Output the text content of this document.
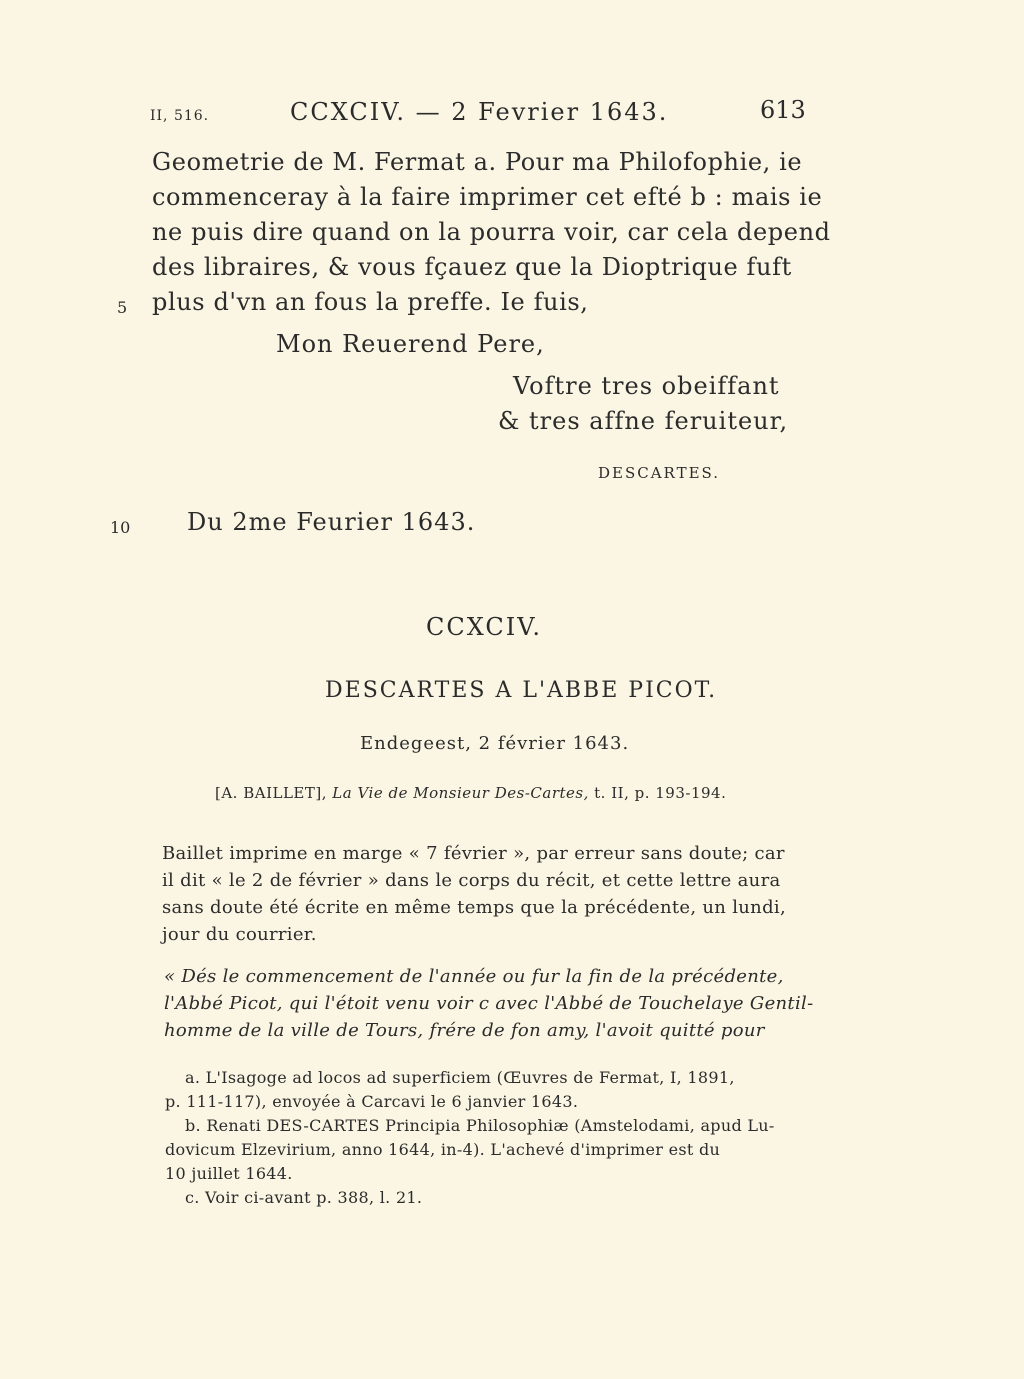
II, 516.	CCXCIV. — 2 Fevrier 1643.	613
Geometrie de M. Fermat a. Pour ma Philofophie, ie
commenceray à la faire imprimer cet efté b : mais ie
ne puis dire quand on la pourra voir, car cela depend
des libraires, & vous fçauez que la Dioptrique fuft
plus d'vn an fous la preffe. Ie fuis,
5
Mon Reuerend Pere,
Voftre tres obeiffant
& tres affne feruiteur,
DESCARTES.
10 Du 2me Feurier 1643.
CCXCIV.
DESCARTES A L'ABBE PICOT.
Endegeest, 2 février 1643.
[A. BAILLET], La Vie de Monsieur Des-Cartes, t. II, p. 193-194.
Baillet imprime en marge « 7 février », par erreur sans doute; car
il dit « le 2 de février » dans le corps du récit, et cette lettre aura
sans doute été écrite en même temps que la précédente, un lundi,
jour du courrier.
« Dés le commencement de l'année ou fur la fin de la précédente,
l'Abbé Picot, qui l'étoit venu voir c avec l'Abbé de Touchelaye Gentil-
homme de la ville de Tours, frére de fon amy, l'avoit quitté pour
a. L'Isagoge ad locos ad superficiem (Œuvres de Fermat, I, 1891,
p. 111-117), envoyée à Carcavi le 6 janvier 1643.
b. Renati DES-CARTES Principia Philosophiæ (Amstelodami, apud Lu-
dovicum Elzevirium, anno 1644, in-4). L'achevé d'imprimer est du
10 juillet 1644.
c. Voir ci-avant p. 388, l. 21.
